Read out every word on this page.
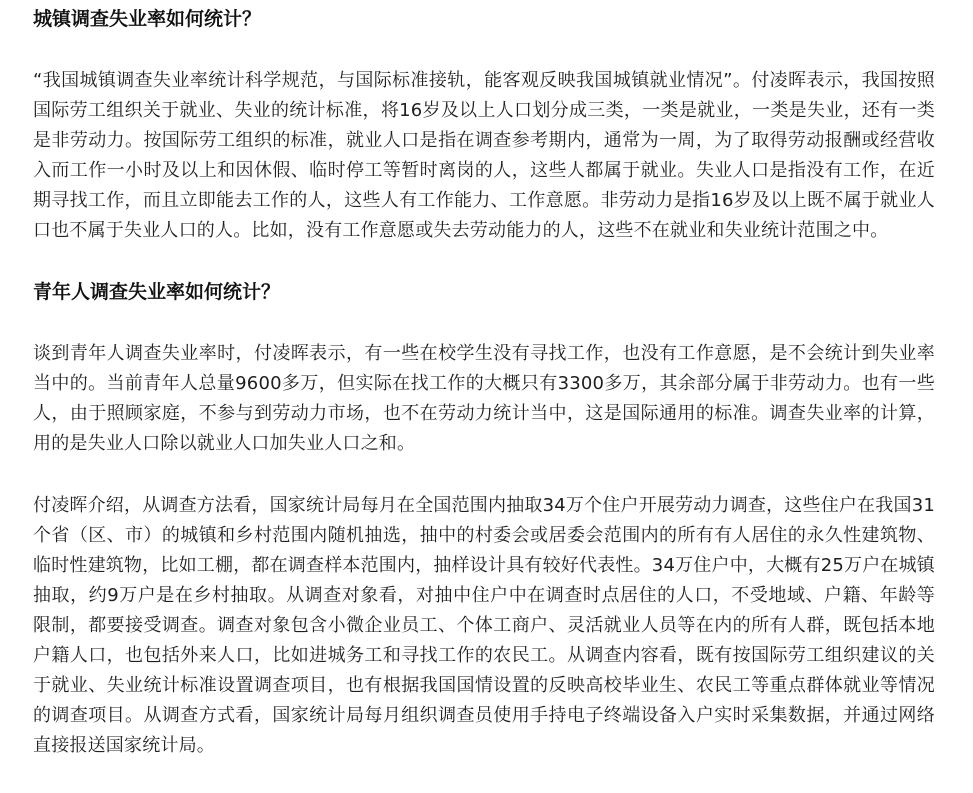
城镇调查失业率如何统计？

“我国城镇调查失业率统计科学规范，与国际标准接轨，能客观反映我国城镇就业情况”。付凌晖表示，我国按照国际劳工组织关于就业、失业的统计标准，将16岁及以上人口划分成三类，一类是就业，一类是失业，还有一类是非劳动力。按国际劳工组织的标准，就业人口是指在调查参考期内，通常为一周，为了取得劳动报酬或经营收入而工作一小时及以上和因休假、临时停工等暂时离岗的人，这些人都属于就业。失业人口是指没有工作，在近期寻找工作，而且立即能去工作的人，这些人有工作能力、工作意愿。非劳动力是指16岁及以上既不属于就业人口也不属于失业人口的人。比如，没有工作意愿或失去劳动能力的人，这些不在就业和失业统计范围之中。

青年人调查失业率如何统计？

谈到青年人调查失业率时，付凌晖表示，有一些在校学生没有寻找工作，也没有工作意愿，是不会统计到失业率当中的。当前青年人总量9600多万，但实际在找工作的大概只有3300多万，其余部分属于非劳动力。也有一些人，由于照顾家庭，不参与到劳动力市场，也不在劳动力统计当中，这是国际通用的标准。调查失业率的计算，用的是失业人口除以就业人口加失业人口之和。

付凌晖介绍，从调查方法看，国家统计局每月在全国范围内抽取34万个住户开展劳动力调查，这些住户在我国31个省（区、市）的城镇和乡村范围内随机抽选，抽中的村委会或居委会范围内的所有有人居住的永久性建筑物、临时性建筑物，比如工棚，都在调查样本范围内，抽样设计具有较好代表性。34万住户中，大概有25万户在城镇抽取，约9万户是在乡村抽取。从调查对象看，对抽中住户中在调查时点居住的人口，不受地域、户籍、年龄等限制，都要接受调查。调查对象包含小微企业员工、个体工商户、灵活就业人员等在内的所有人群，既包括本地户籍人口，也包括外来人口，比如进城务工和寻找工作的农民工。从调查内容看，既有按国际劳工组织建议的关于就业、失业统计标准设置调查项目，也有根据我国国情设置的反映高校毕业生、农民工等重点群体就业等情况的调查项目。从调查方式看，国家统计局每月组织调查员使用手持电子终端设备入户实时采集数据，并通过网络直接报送国家统计局。
